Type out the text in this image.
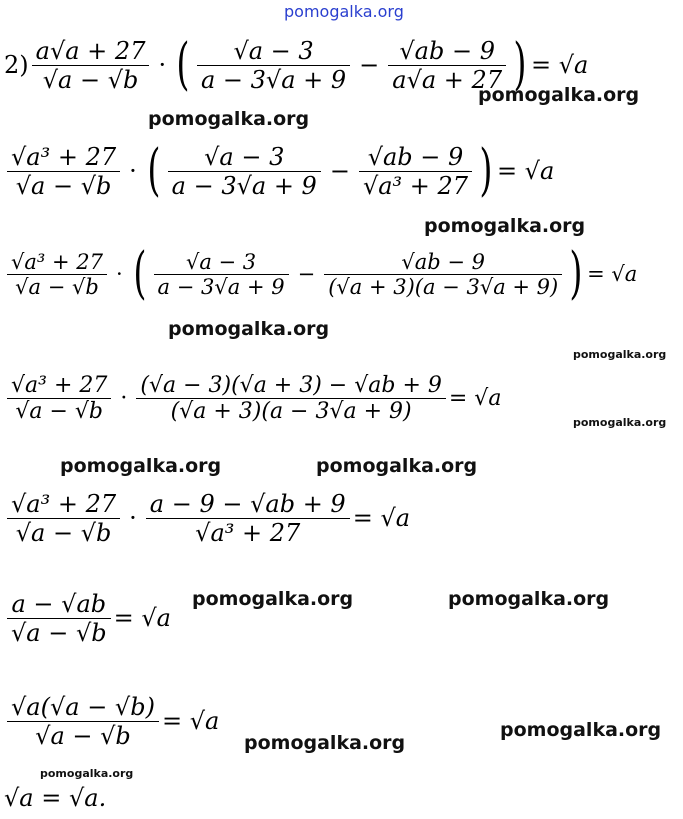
pomogalka.org
pomogalka.org
pomogalka.org
pomogalka.org
pomogalka.org
pomogalka.org
pomogalka.org
pomogalka.org	pomogalka.org
pomogalka.org	pomogalka.org
pomogalka.org
pomogalka.org
pomogalka.org
$2) \frac{a√a + 27}{√a - √b}$ · ( $\frac{√a - 3}{a - 3√a + 9} - \frac{√ab - 9}{a√a + 27}$ ) = √a
$\frac{\text{√a³ + 27}}{√a - √b}$ · ( $\frac{√a - 3}{a - 3√a + 9} - \frac{√ab - 9}{\text{√a³ + 27}}$ ) = √a
$\frac{\text{√a³ + 27}}{√a - √b}$ · ( $\frac{√a - 3}{a - 3√a + 9} - \frac{√ab - 9}{(√a + 3)(a - 3√a + 9)}$ ) = √a
$\frac{\text{√a³ + 27}}{√a - √b} \cdot \frac{(√a - 3)(√a + 3) - √ab + 9}{(√a + 3)(a - 3√a + 9)} = √a$
$\frac{\text{√a³ + 27}}{√a - √b} \cdot \frac{a - 9 - √ab + 9}{\text{√a³ + 27}} = √a$
$\frac{a - √ab}{√a - √b} = √a$
$\frac{√a(√a - √b)}{√a - √b} = √a$
√a = √a.
